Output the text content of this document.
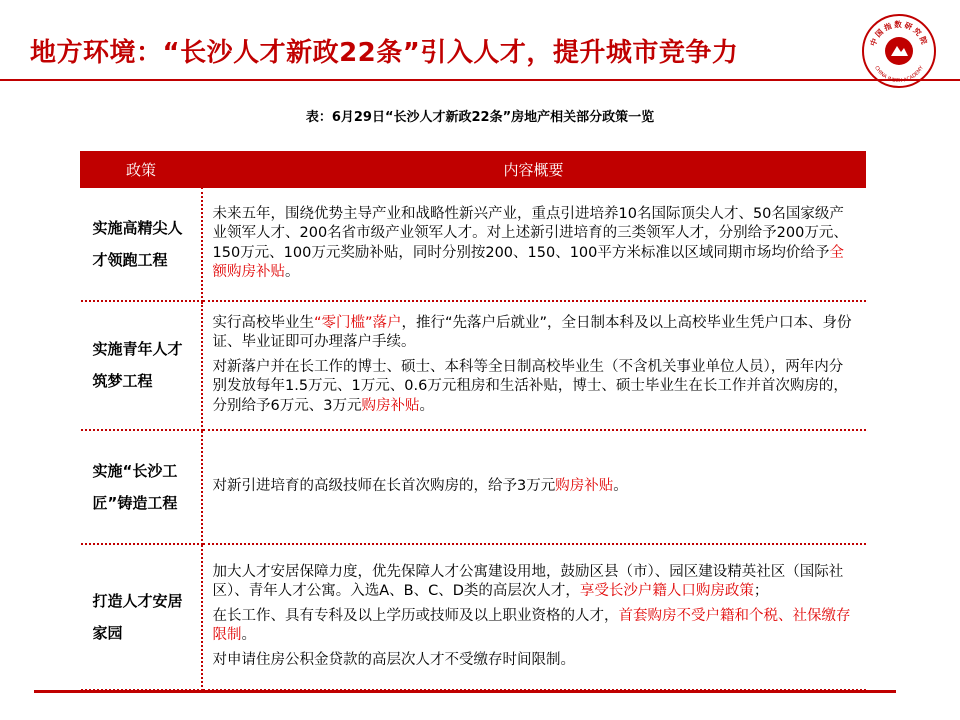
地方环境：“长沙人才新政22条”引入人才，提升城市竞争力	中国指数研究院
CHINA INDEX ACADEMY
表：6月29日“长沙人才新政22条”房地产相关部分政策一览
政策	内容概要
实施高精尖人才领跑工程	未来五年，围绕优势主导产业和战略性新兴产业，重点引进培养10名国际顶尖人才、50名国家级产业领军人才、200名省市级产业领军人才。对上述新引进培育的三类领军人才，分别给予200万元、150万元、100万元奖励补贴，同时分别按200、150、100平方米标准以区域同期市场均价给予全额购房补贴。

实施青年人才筑梦工程	实行高校毕业生“零门槛”落户，推行“先落户后就业”，全日制本科及以上高校毕业生凭户口本、身份证、毕业证即可办理落户手续。

对新落户并在长工作的博士、硕士、本科等全日制高校毕业生（不含机关事业单位人员），两年内分别发放每年1.5万元、1万元、0.6万元租房和生活补贴，博士、硕士毕业生在长工作并首次购房的，分别给予6万元、3万元购房补贴。

实施“长沙工匠”铸造工程	对新引进培育的高级技师在长首次购房的，给予3万元购房补贴。

打造人才安居家园	加大人才安居保障力度，优先保障人才公寓建设用地，鼓励区县（市）、园区建设精英社区（国际社区）、青年人才公寓。入选A、B、C、D类的高层次人才，享受长沙户籍人口购房政策；

在长工作、具有专科及以上学历或技师及以上职业资格的人才，首套购房不受户籍和个税、社保缴存限制。

对申请住房公积金贷款的高层次人才不受缴存时间限制。
